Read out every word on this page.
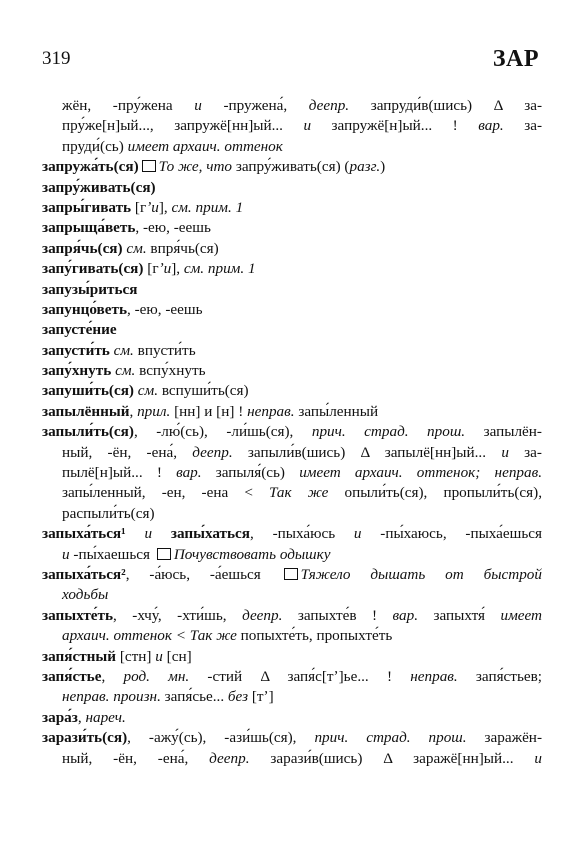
319	ЗАР
жён, -пру́жена и -пружена́, деепр. запруди́в(шись) Δ за-
пру́же[н]ый..., запружё[нн]ый... и запружё[н]ый... ! вар. за-
пруди́(сь) имеет архаич. оттенок
запружа́ть(ся) То же, что запру́живать(ся) (разг.)
запру́живать(ся)
запры́гивать [гʼи], см. прим. 1
запрыща́веть, -ею, -еешь
запря́чь(ся) см. впря́чь(ся)
запу́гивать(ся) [гʼи], см. прим. 1
запузы́риться
запунцо́веть, -ею, -еешь
запусте́ние
запусти́ть см. впусти́ть
запу́хнуть см. вспу́хнуть
запуши́ть(ся) см. вспуши́ть(ся)
запылённый, прил. [нн] и [н] ! неправ. запы́ленный
запыли́ть(ся), -лю́(сь), -ли́шь(ся), прич. страд. прош. запылён-
ный, -ён, -ена́, деепр. запыли́в(шись) Δ запылё[нн]ый... и за-
пылё[н]ый... ! вар. запыля́(сь) имеет архаич. оттенок; неправ.
запы́ленный, -ен, -ена < Так же опыли́ть(ся), пропыли́ть(ся),
распыли́ть(ся)
запыха́ться¹ и запы́хаться, -пыха́юсь и -пы́хаюсь, -пыха́ешься
и -пы́хаешься Почувствовать одышку
запыха́ться², -а́юсь, -а́ешься Тяжело дышать от быстрой
ходьбы
запыхте́ть, -хчу́, -хти́шь, деепр. запыхте́в ! вар. запыхтя́ имеет
архаич. оттенок < Так же попыхте́ть, пропыхте́ть
запя́стный [стн] и [сн]
запя́стье, род. мн. -стий Δ запя́с[тʼ]ье... ! неправ. запя́стьев;
неправ. произн. запя́сье... без [тʼ]
зара́з, нареч.
зарази́ть(ся), -ажу́(сь), -ази́шь(ся), прич. страд. прош. заражён-
ный, -ён, -ена́, деепр. зарази́в(шись) Δ заражё[нн]ый... и
